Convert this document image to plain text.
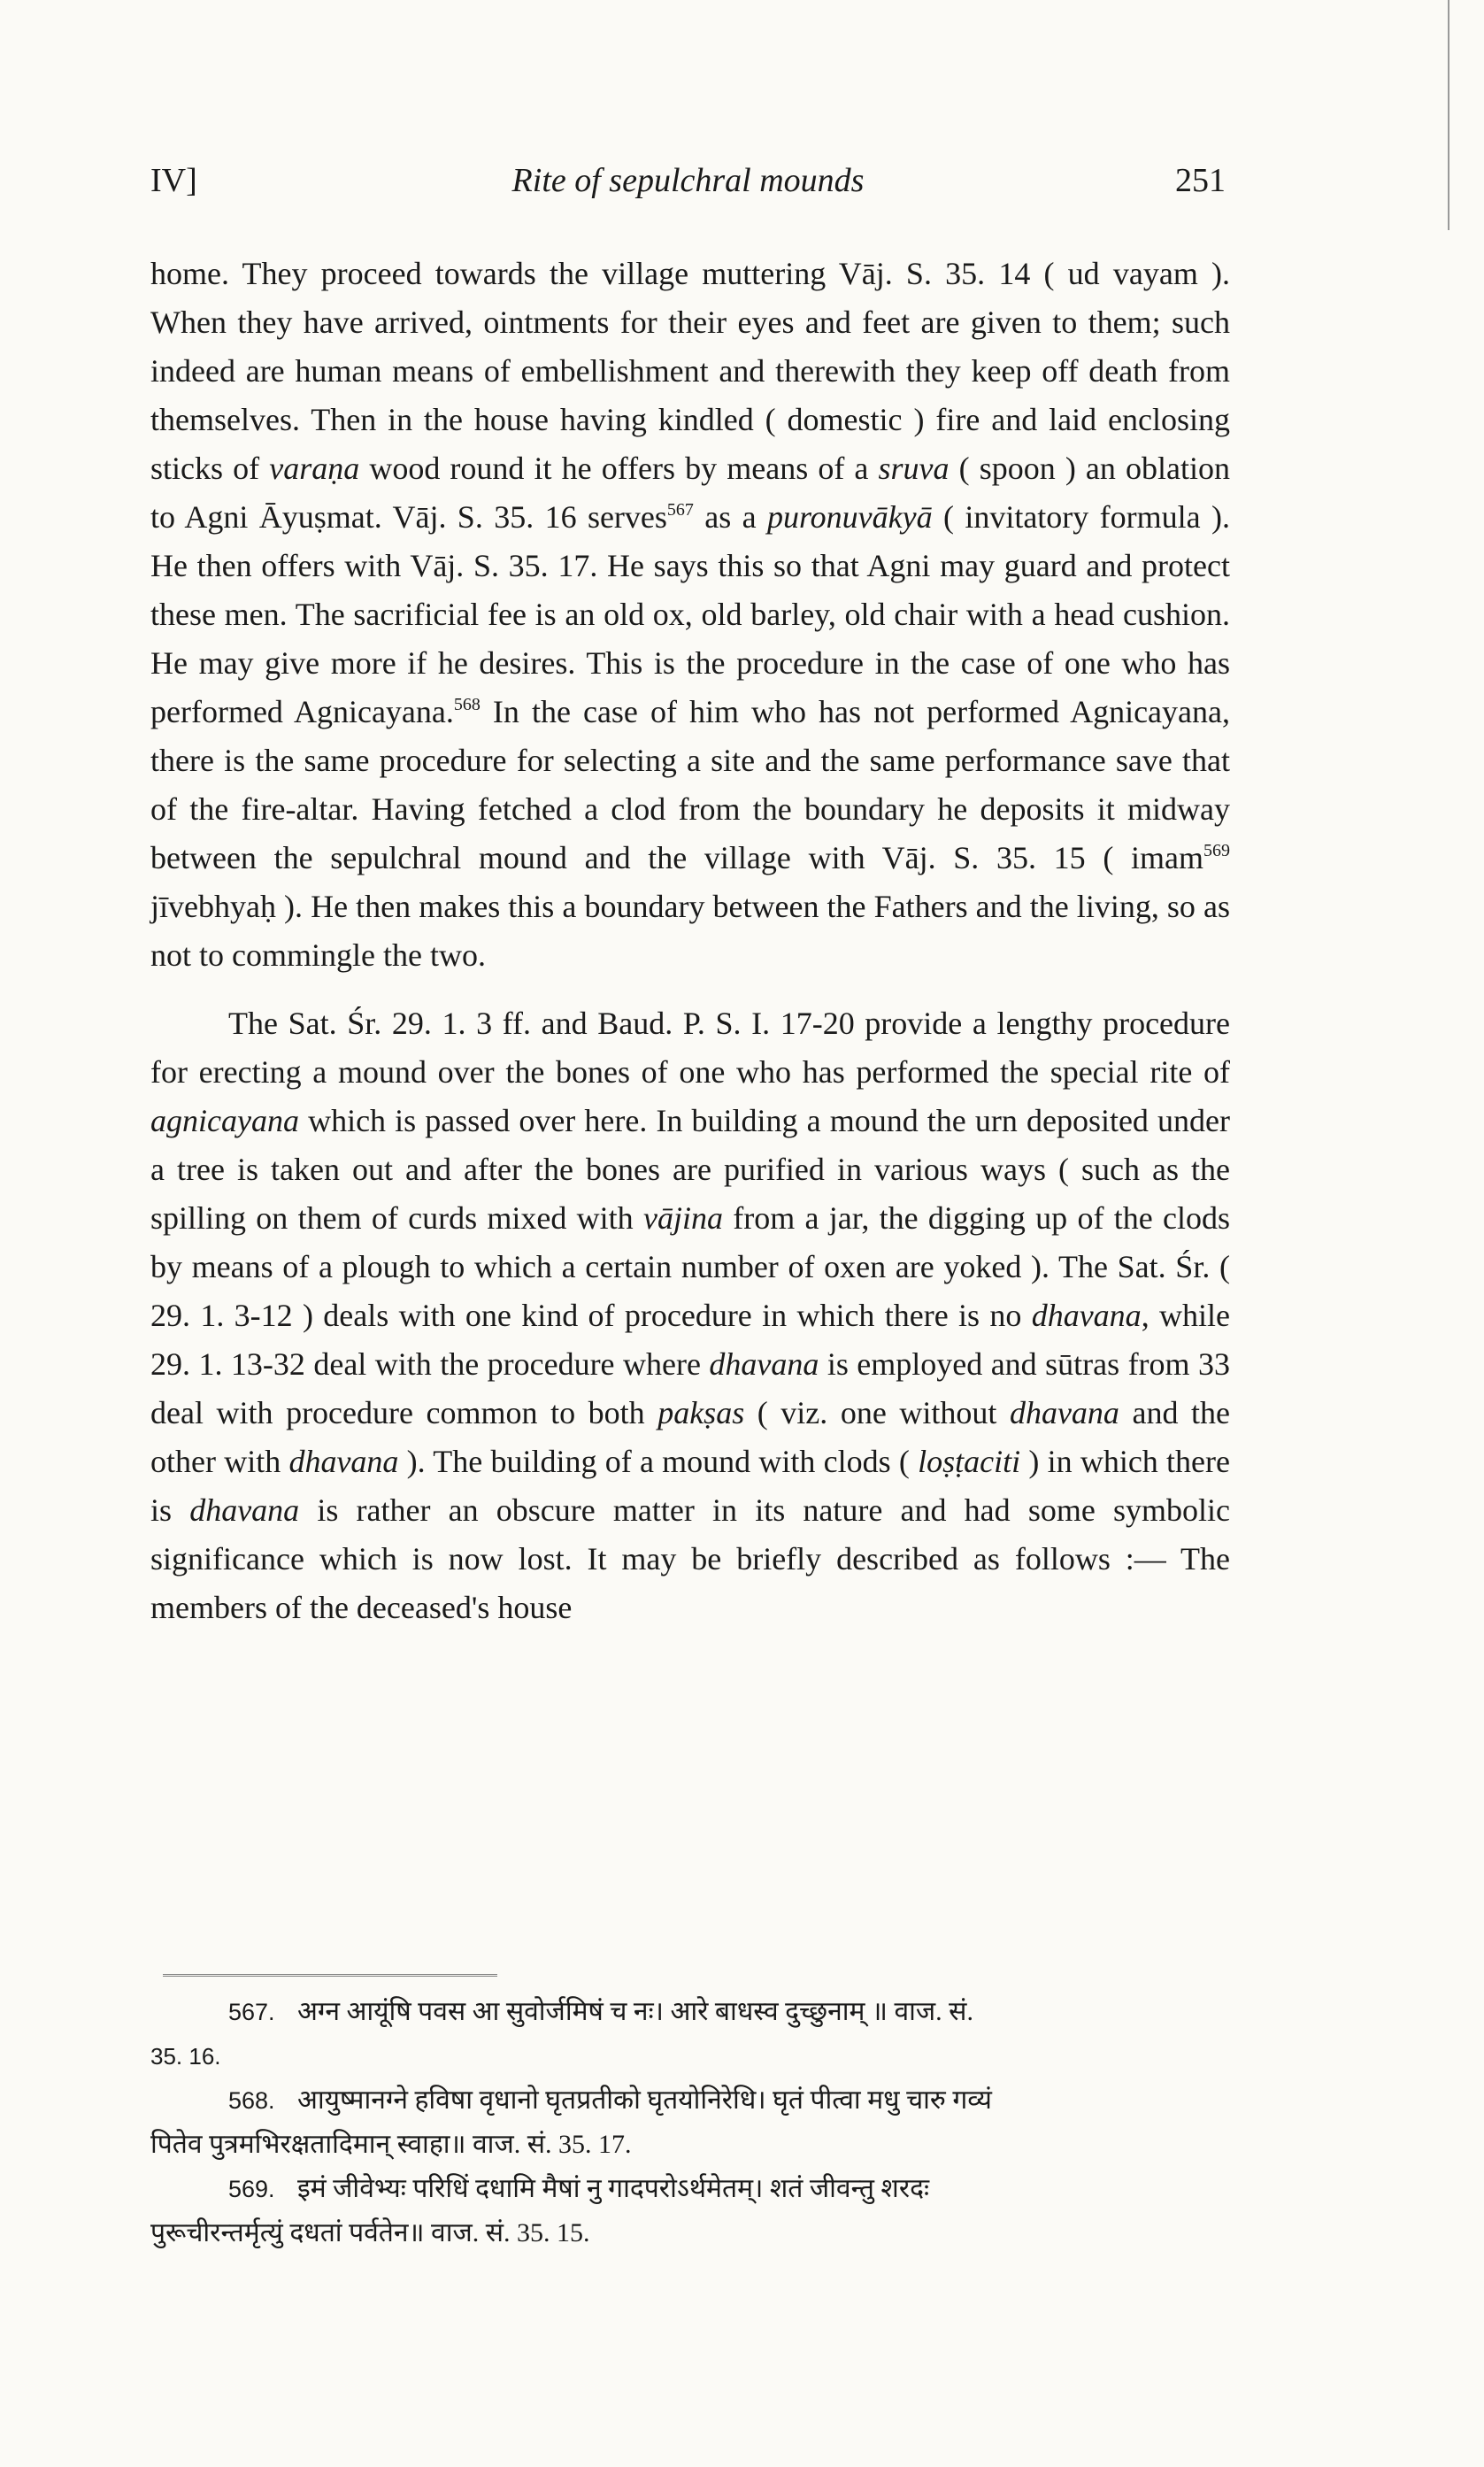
IV]	Rite of sepulchral mounds	251

home. They proceed towards the village muttering Vāj. S. 35. 14 ( ud vayam ). When they have arrived, ointments for their eyes and feet are given to them; such indeed are human means of embellishment and therewith they keep off death from themselves. Then in the house having kindled ( domestic ) fire and laid enclosing sticks of varaṇa wood round it he offers by means of a sruva ( spoon ) an oblation to Agni Āyuṣmat. Vāj. S. 35. 16 serves$^{567}$ as a puronuvākyā ( invitatory formula ). He then offers with Vāj. S. 35. 17. He says this so that Agni may guard and protect these men. The sacrificial fee is an old ox, old barley, old chair with a head cushion. He may give more if he desires. This is the procedure in the case of one who has performed Agnicayana.$^{568}$ In the case of him who has not performed Agnicayana, there is the same procedure for selecting a site and the same performance save that of the fire-altar. Having fetched a clod from the boundary he deposits it midway between the sepulchral mound and the village with Vāj. S. 35. 15 ( imam$^{569}$ jīvebhyaḥ ). He then makes this a boundary between the Fathers and the living, so as not to commingle the two.

The Sat. Śr. 29. 1. 3 ff. and Baud. P. S. I. 17-20 provide a lengthy procedure for erecting a mound over the bones of one who has performed the special rite of agnicayana which is passed over here. In building a mound the urn deposited under a tree is taken out and after the bones are purified in various ways ( such as the spilling on them of curds mixed with vājina from a jar, the digging up of the clods by means of a plough to which a certain number of oxen are yoked ). The Sat. Śr. ( 29. 1. 3-12 ) deals with one kind of procedure in which there is no dhavana, while 29. 1. 13-32 deal with the procedure where dhavana is employed and sūtras from 33 deal with procedure common to both pakṣas ( viz. one without dhavana and the other with dhavana ). The building of a mound with clods ( loṣṭaciti ) in which there is dhavana is rather an obscure matter in its nature and had some symbolic significance which is now lost. It may be briefly described as follows :— The members of the deceased's house

567. अग्न आयूंषि पवस आ सुवोर्जमिषं च नः। आरे बाधस्व दुच्छुनाम् ॥ वाज. सं.
35. 16.
568. आयुष्मानग्ने हविषा वृधानो घृतप्रतीको घृतयोनिरेधि। घृतं पीत्वा मधु चारु गव्यं
पितेव पुत्रमभिरक्षतादिमान् स्वाहा॥ वाज. सं. 35. 17.
569. इमं जीवेभ्यः परिधिं दधामि मैषां नु गादपरोऽर्थमेतम्। शतं जीवन्तु शरदः
पुरूचीरन्तर्मृत्युं दधतां पर्वतेन॥ वाज. सं. 35. 15.
